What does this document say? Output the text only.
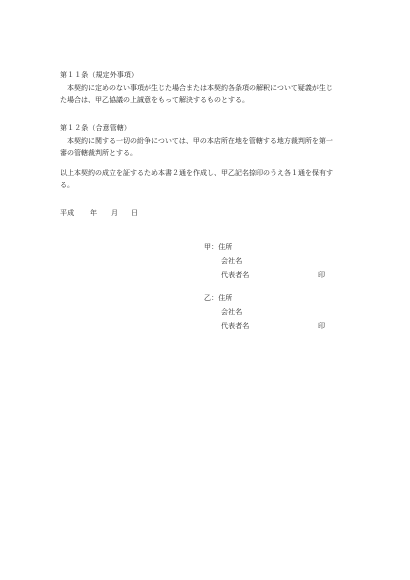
第１１条（規定外事項）
本契約に定めのない事項が生じた場合または本契約各条項の解釈について疑義が生じ
た場合は、甲乙協議の上誠意をもって解決するものとする。
第１２条（合意管轄）
本契約に関する一切の紛争については、甲の本店所在地を管轄する地方裁判所を第一
審の管轄裁判所とする。
以上本契約の成立を証するため本書２通を作成し、甲乙記名捺印のうえ各１通を保有す
る。
平成 年 月 日
甲：住所
会社名
代表者名	印
乙：住所
会社名
代表者名	印
